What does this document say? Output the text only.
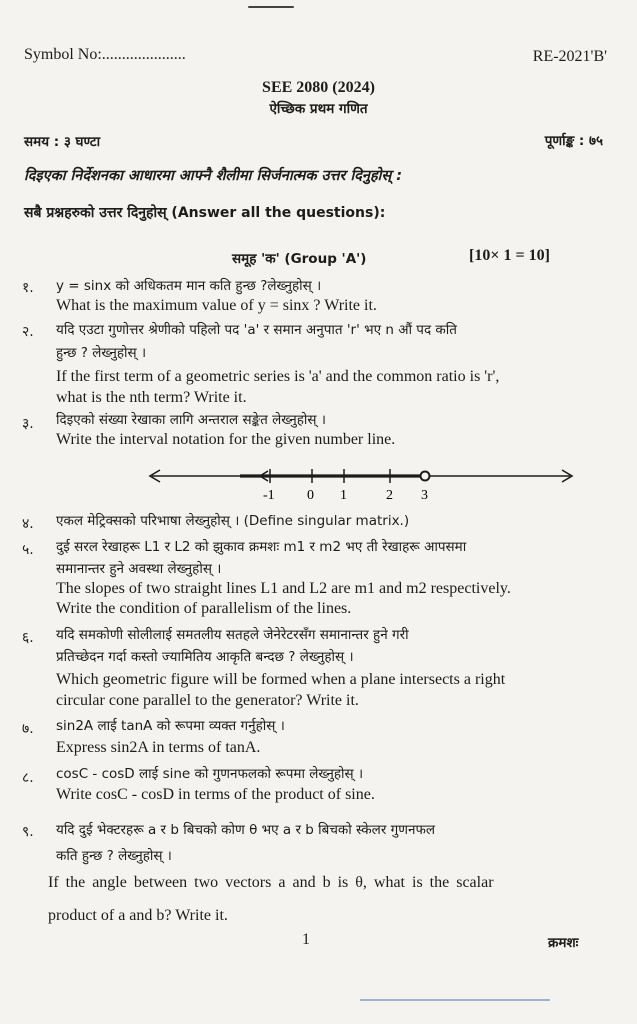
Symbol No:.....................	RE-2021'B'
SEE 2080 (2024)
ऐच्छिक प्रथम गणित
समय : ३ घण्टा	पूर्णाङ्क : ७५
दिइएका निर्देशनका आधारमा आफ्नै शैलीमा सिर्जनात्मक उत्तर दिनुहोस् :
सबै प्रश्नहरुको उत्तर दिनुहोस् (Answer all the questions):
समूह 'क' (Group 'A')	[10× 1 = 10]
१. y = sinx को अधिकतम मान कति हुन्छ ?लेख्नुहोस् ।
What is the maximum value of y = sinx ? Write it.
२. यदि एउटा गुणोत्तर श्रेणीको पहिलो पद 'a' र समान अनुपात 'r' भए n औं पद कति
हुन्छ ? लेख्नुहोस् ।
If the first term of a geometric series is 'a' and the common ratio is 'r',
what is the nth term? Write it.
३. दिइएको संख्या रेखाका लागि अन्तराल सङ्केत लेख्नुहोस् ।
Write the interval notation for the given number line.
-1 0 1	2 3
४. एकल मेट्रिक्सको परिभाषा लेख्नुहोस् । (Define singular matrix.)
५. दुई सरल रेखाहरू L1 र L2 को झुकाव क्रमशः m1 र m2 भए ती रेखाहरू आपसमा
समानान्तर हुने अवस्था लेख्नुहोस् ।
The slopes of two straight lines L1 and L2 are m1 and m2 respectively.
Write the condition of parallelism of the lines.
६. यदि समकोणी सोलीलाई समतलीय सतहले जेनेरेटरसँग समानान्तर हुने गरी
प्रतिच्छेदन गर्दा कस्तो ज्यामितिय आकृति बन्दछ ? लेख्नुहोस् ।
Which geometric figure will be formed when a plane intersects a right
circular cone parallel to the generator? Write it.
७. sin2A लाई tanA को रूपमा व्यक्त गर्नुहोस् ।
Express sin2A in terms of tanA.
८. cosC - cosD लाई sine को गुणनफलको रूपमा लेख्नुहोस् ।
Write cosC - cosD in terms of the product of sine.
९. यदि दुई भेक्टरहरू a र b बिचको कोण θ भए a र b बिचको स्केलर गुणनफल
कति हुन्छ ? लेख्नुहोस् ।
If the angle between two vectors a and b is θ, what is the scalar
product of a and b? Write it.
1	क्रमशः
